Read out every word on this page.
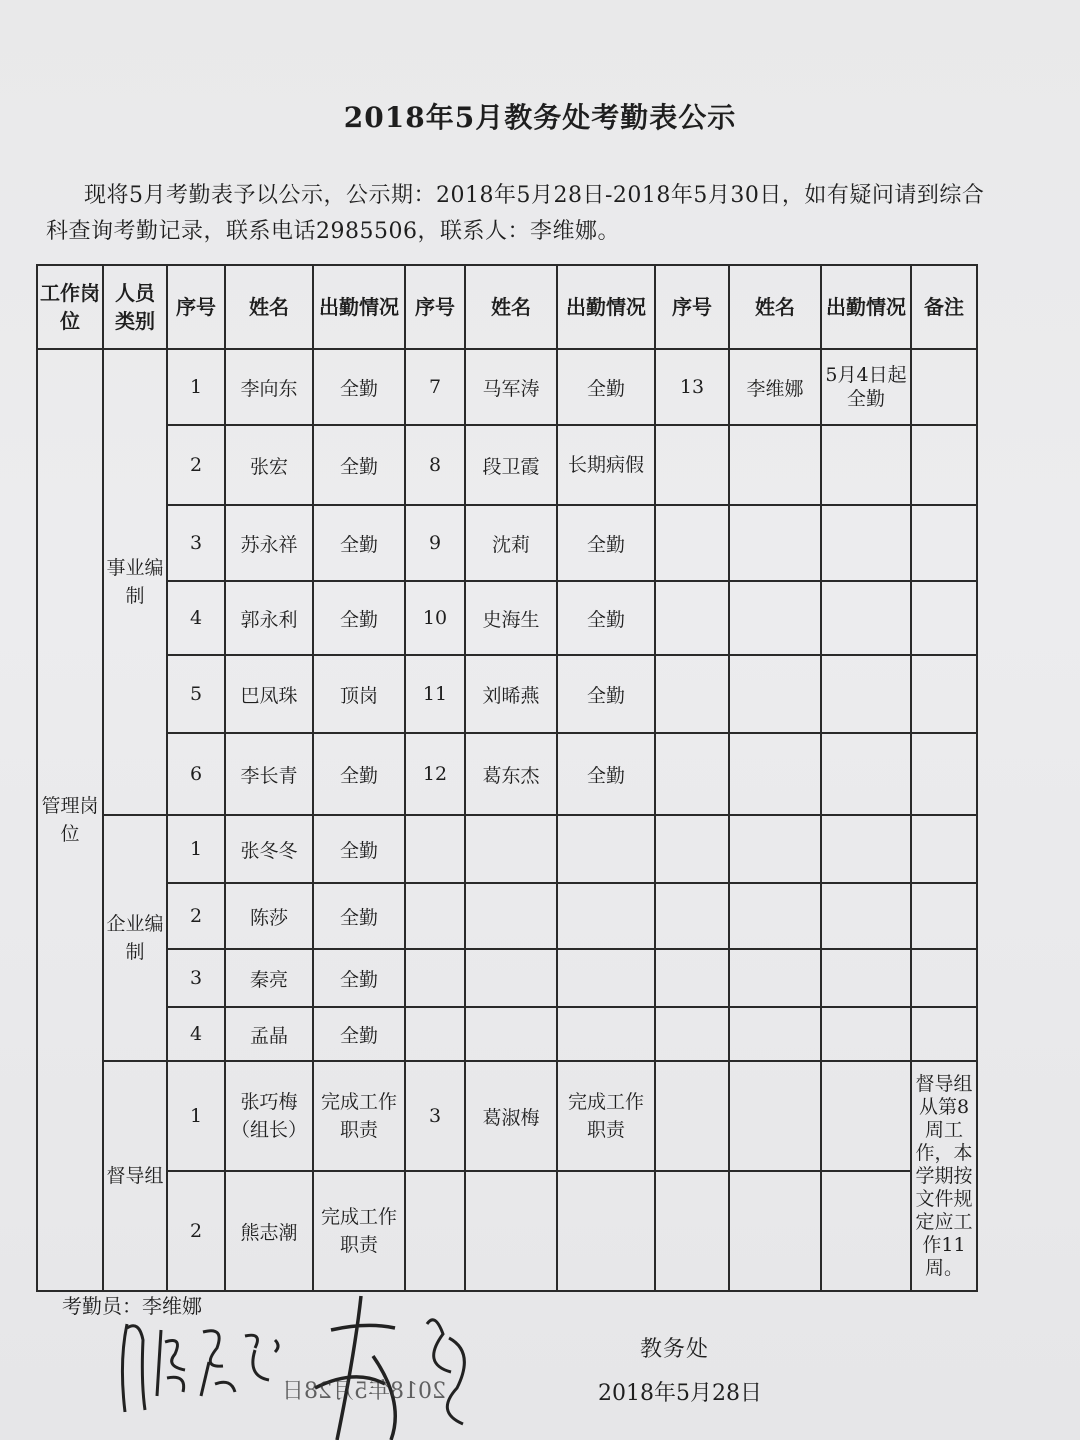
2018年5月教务处考勤表公示
现将5月考勤表予以公示，公示期：2018年5月28日-2018年5月30日，如有疑问请到综合科查询考勤记录，联系电话2985506，联系人：李维娜。
工作岗位	人员类别	序号	姓名	出勤情况	序号	姓名	出勤情况	序号	姓名	出勤情况	备注
管理岗位	事业编制	1	李向东	全勤	7	马军涛	全勤	13	李维娜	5月4日起全勤	
		2	张宏	全勤	8	段卫霞	长期病假				
		3	苏永祥	全勤	9	沈莉	全勤				
		4	郭永利	全勤	10	史海生	全勤				
		5	巴凤珠	顶岗	11	刘晞燕	全勤				
		6	李长青	全勤	12	葛东杰	全勤				
	企业编制	1	张冬冬	全勤							
		2	陈莎	全勤							
		3	秦亮	全勤							
		4	孟晶	全勤							
	督导组	1	张巧梅（组长）	完成工作职责	3	葛淑梅	完成工作职责				督导组从第8周工作，本学期按文件规定应工作11周。
		2	熊志潮	完成工作职责							
考勤员：李维娜
2018年5月28日
教务处
2018年5月28日
